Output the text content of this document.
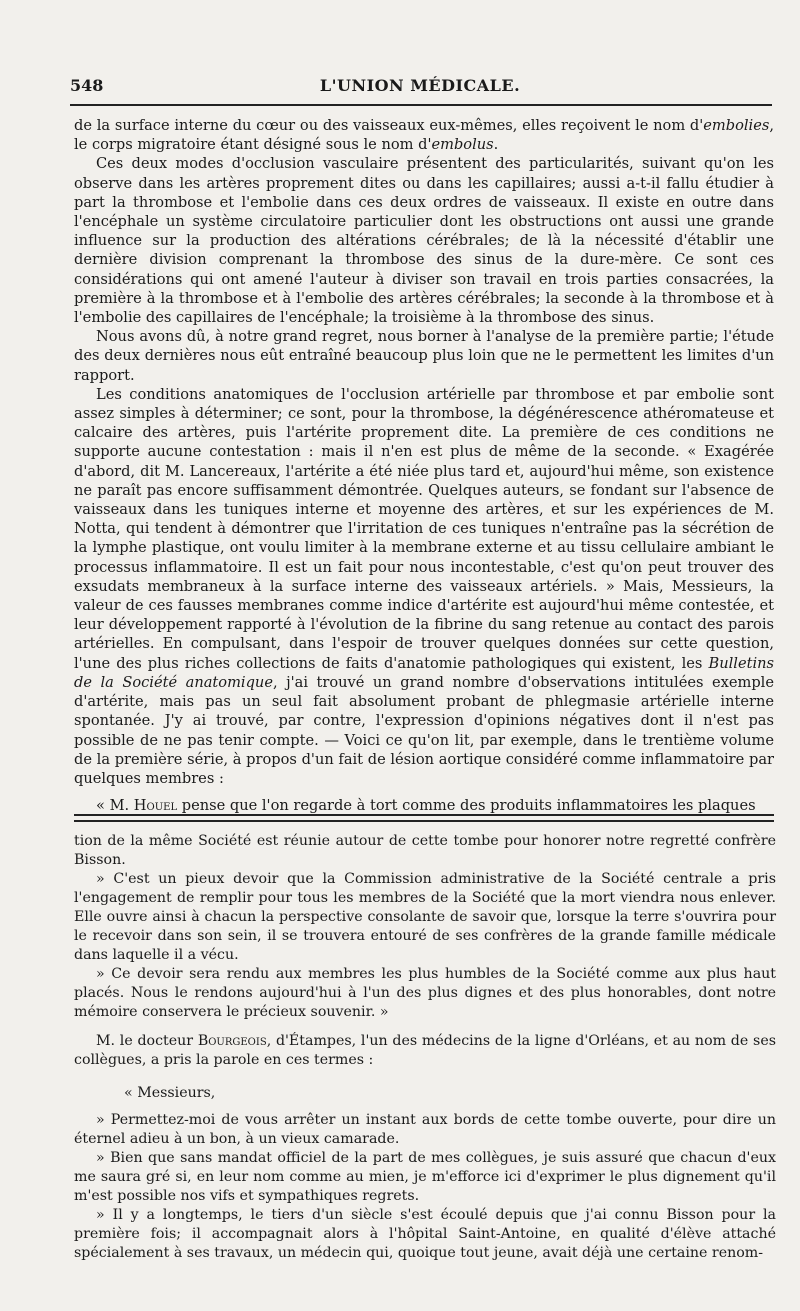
548	L'UNION MÉDICALE.

de la surface interne du cœur ou des vaisseaux eux-mêmes, elles reçoivent le nom d'embolies, le corps migratoire étant désigné sous le nom d'embolus.

Ces deux modes d'occlusion vasculaire présentent des particularités, suivant qu'on les observe dans les artères proprement dites ou dans les capillaires; aussi a-t-il fallu étudier à part la thrombose et l'embolie dans ces deux ordres de vaisseaux. Il existe en outre dans l'encéphale un système circulatoire particulier dont les obstructions ont aussi une grande influence sur la production des altérations cérébrales; de là la nécessité d'établir une dernière division comprenant la thrombose des sinus de la dure-mère. Ce sont ces considérations qui ont amené l'auteur à diviser son travail en trois parties consacrées, la première à la thrombose et à l'embolie des artères cérébrales; la seconde à la thrombose et à l'embolie des capillaires de l'encéphale; la troisième à la thrombose des sinus.

Nous avons dû, à notre grand regret, nous borner à l'analyse de la première partie; l'étude des deux dernières nous eût entraîné beaucoup plus loin que ne le permettent les limites d'un rapport.

Les conditions anatomiques de l'occlusion artérielle par thrombose et par embolie sont assez simples à déterminer; ce sont, pour la thrombose, la dégénérescence athéromateuse et calcaire des artères, puis l'artérite proprement dite. La première de ces conditions ne supporte aucune contestation : mais il n'en est plus de même de la seconde. « Exagérée d'abord, dit M. Lancereaux, l'artérite a été niée plus tard et, aujourd'hui même, son existence ne paraît pas encore suffisamment démontrée. Quelques auteurs, se fondant sur l'absence de vaisseaux dans les tuniques interne et moyenne des artères, et sur les expériences de M. Notta, qui tendent à démontrer que l'irritation de ces tuniques n'entraîne pas la sécrétion de la lymphe plastique, ont voulu limiter à la membrane externe et au tissu cellulaire ambiant le processus inflammatoire. Il est un fait pour nous incontestable, c'est qu'on peut trouver des exsudats membraneux à la surface interne des vaisseaux artériels. » Mais, Messieurs, la valeur de ces fausses membranes comme indice d'artérite est aujourd'hui même contestée, et leur développement rapporté à l'évolution de la fibrine du sang retenue au contact des parois artérielles. En compulsant, dans l'espoir de trouver quelques données sur cette question, l'une des plus riches collections de faits d'anatomie pathologiques qui existent, les Bulletins de la Société anatomique, j'ai trouvé un grand nombre d'observations intitulées exemple d'artérite, mais pas un seul fait absolument probant de phlegmasie artérielle interne spontanée. J'y ai trouvé, par contre, l'expression d'opinions négatives dont il n'est pas possible de ne pas tenir compte. — Voici ce qu'on lit, par exemple, dans le trentième volume de la première série, à propos d'un fait de lésion aortique considéré comme inflammatoire par quelques membres :

« M. Houel pense que l'on regarde à tort comme des produits inflammatoires les plaques

tion de la même Société est réunie autour de cette tombe pour honorer notre regretté confrère Bisson.

» C'est un pieux devoir que la Commission administrative de la Société centrale a pris l'engagement de remplir pour tous les membres de la Société que la mort viendra nous enlever. Elle ouvre ainsi à chacun la perspective consolante de savoir que, lorsque la terre s'ouvrira pour le recevoir dans son sein, il se trouvera entouré de ses confrères de la grande famille médicale dans laquelle il a vécu.

» Ce devoir sera rendu aux membres les plus humbles de la Société comme aux plus haut placés. Nous le rendons aujourd'hui à l'un des plus dignes et des plus honorables, dont notre mémoire conservera le précieux souvenir. »

M. le docteur Bourgeois, d'Étampes, l'un des médecins de la ligne d'Orléans, et au nom de ses collègues, a pris la parole en ces termes :

« Messieurs,

» Permettez-moi de vous arrêter un instant aux bords de cette tombe ouverte, pour dire un éternel adieu à un bon, à un vieux camarade.

» Bien que sans mandat officiel de la part de mes collègues, je suis assuré que chacun d'eux me saura gré si, en leur nom comme au mien, je m'efforce ici d'exprimer le plus dignement qu'il m'est possible nos vifs et sympathiques regrets.

» Il y a longtemps, le tiers d'un siècle s'est écoulé depuis que j'ai connu Bisson pour la première fois; il accompagnait alors à l'hôpital Saint-Antoine, en qualité d'élève attaché spécialement à ses travaux, un médecin qui, quoique tout jeune, avait déjà une certaine renom-
